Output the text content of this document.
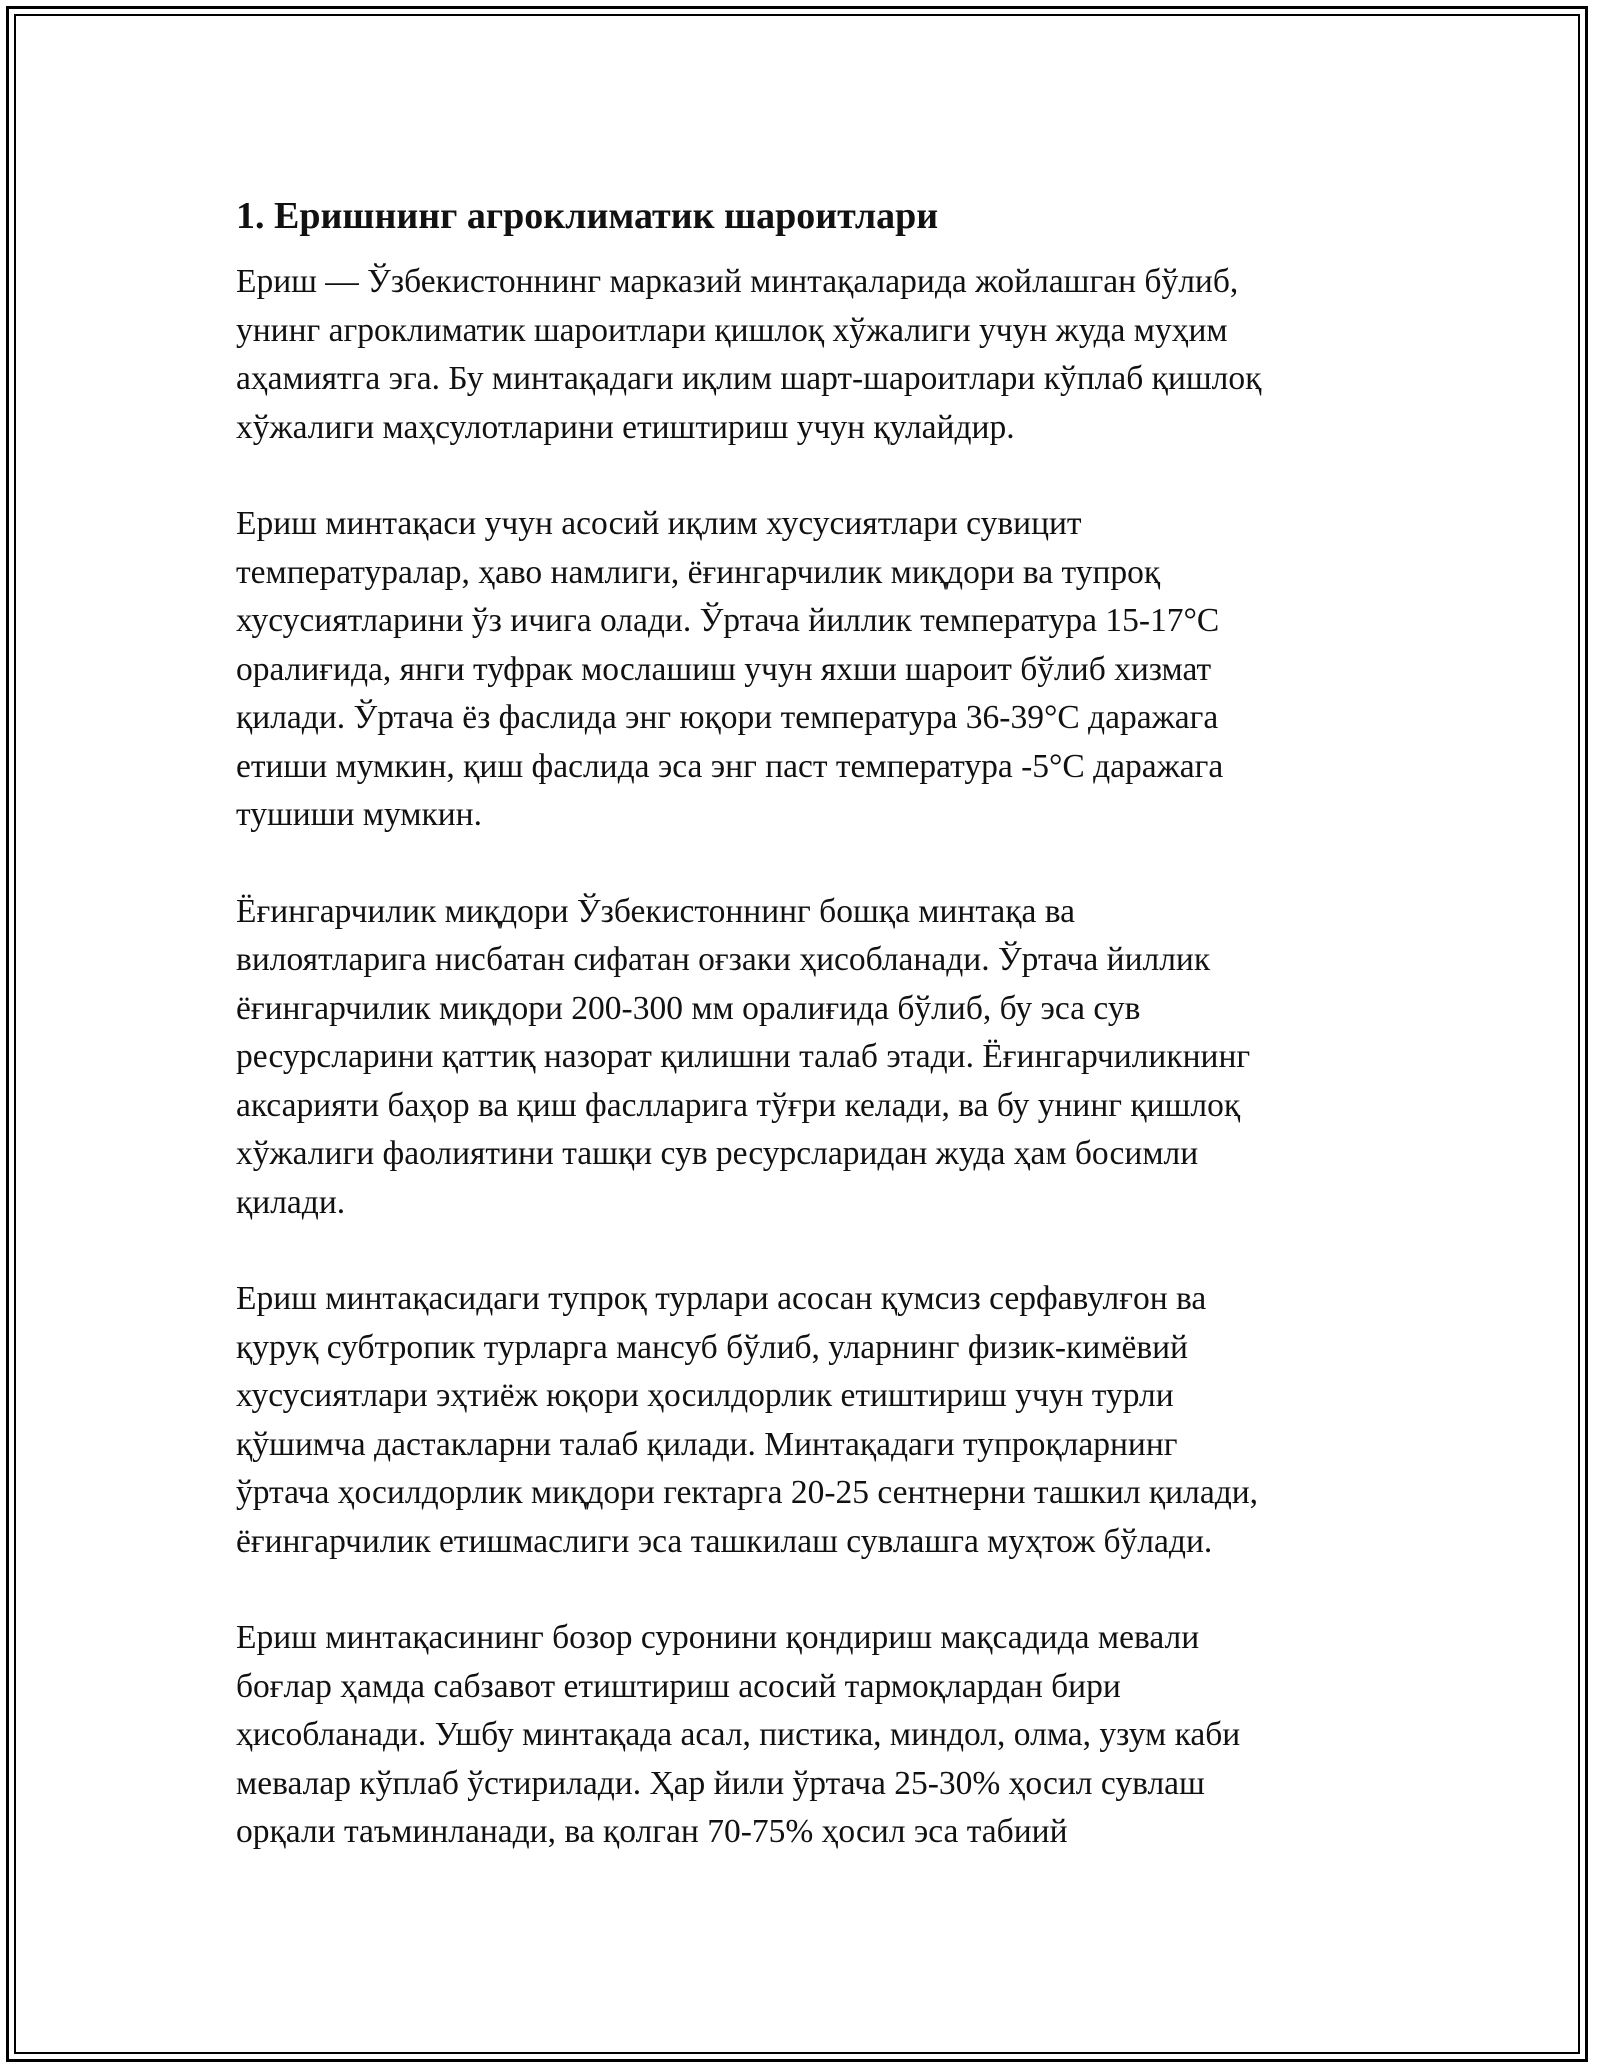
1. Еришнинг агроклиматик шароитлари

Ериш — Ўзбекистоннинг марказий минтақаларида жойлашган бўлиб,
унинг агроклиматик шароитлари қишлоқ хўжалиги учун жуда муҳим
аҳамиятга эга. Бу минтақадаги иқлим шарт-шароитлари кўплаб қишлоқ
хўжалиги маҳсулотларини етиштириш учун қулайдир.

Ериш минтақаси учун асосий иқлим хусусиятлари сувицит
температуралар, ҳаво намлиги, ёғингарчилик миқдори ва тупроқ
хусусиятларини ўз ичига олади. Ўртача йиллик температура 15-17°C
оралиғида, янги туфрак мослашиш учун яхши шароит бўлиб хизмат
қилади. Ўртача ёз фаслида энг юқори температура 36-39°C даражага
етиши мумкин, қиш фаслида эса энг паст температура -5°C даражага
тушиши мумкин.

Ёғингарчилик миқдори Ўзбекистоннинг бошқа минтақа ва
вилоятларига нисбатан сифатан оғзаки ҳисобланади. Ўртача йиллик
ёғингарчилик миқдори 200-300 мм оралиғида бўлиб, бу эса сув
ресурсларини қаттиқ назорат қилишни талаб этади. Ёғингарчиликнинг
аксарияти баҳор ва қиш фаслларига тўғри келади, ва бу унинг қишлоқ
хўжалиги фаолиятини ташқи сув ресурсларидан жуда ҳам босимли
қилади.

Ериш минтақасидаги тупроқ турлари асосан қумсиз серфавулғон ва
қуруқ субтропик турларга мансуб бўлиб, уларнинг физик-кимёвий
хусусиятлари эҳтиёж юқори ҳосилдорлик етиштириш учун турли
қўшимча дастакларни талаб қилади. Минтақадаги тупроқларнинг
ўртача ҳосилдорлик миқдори гектарга 20-25 сентнерни ташкил қилади,
ёғингарчилик етишмаслиги эса ташкилаш сувлашга муҳтож бўлади.

Ериш минтақасининг бозор суронини қондириш мақсадида мевали
боғлар ҳамда сабзавот етиштириш асосий тармоқлардан бири
ҳисобланади. Ушбу минтақада асал, пистика, миндол, олма, узум каби
мевалар кўплаб ўстирилади. Ҳар йили ўртача 25-30% ҳосил сувлаш
орқали таъминланади, ва қолган 70-75% ҳосил эса табиий
